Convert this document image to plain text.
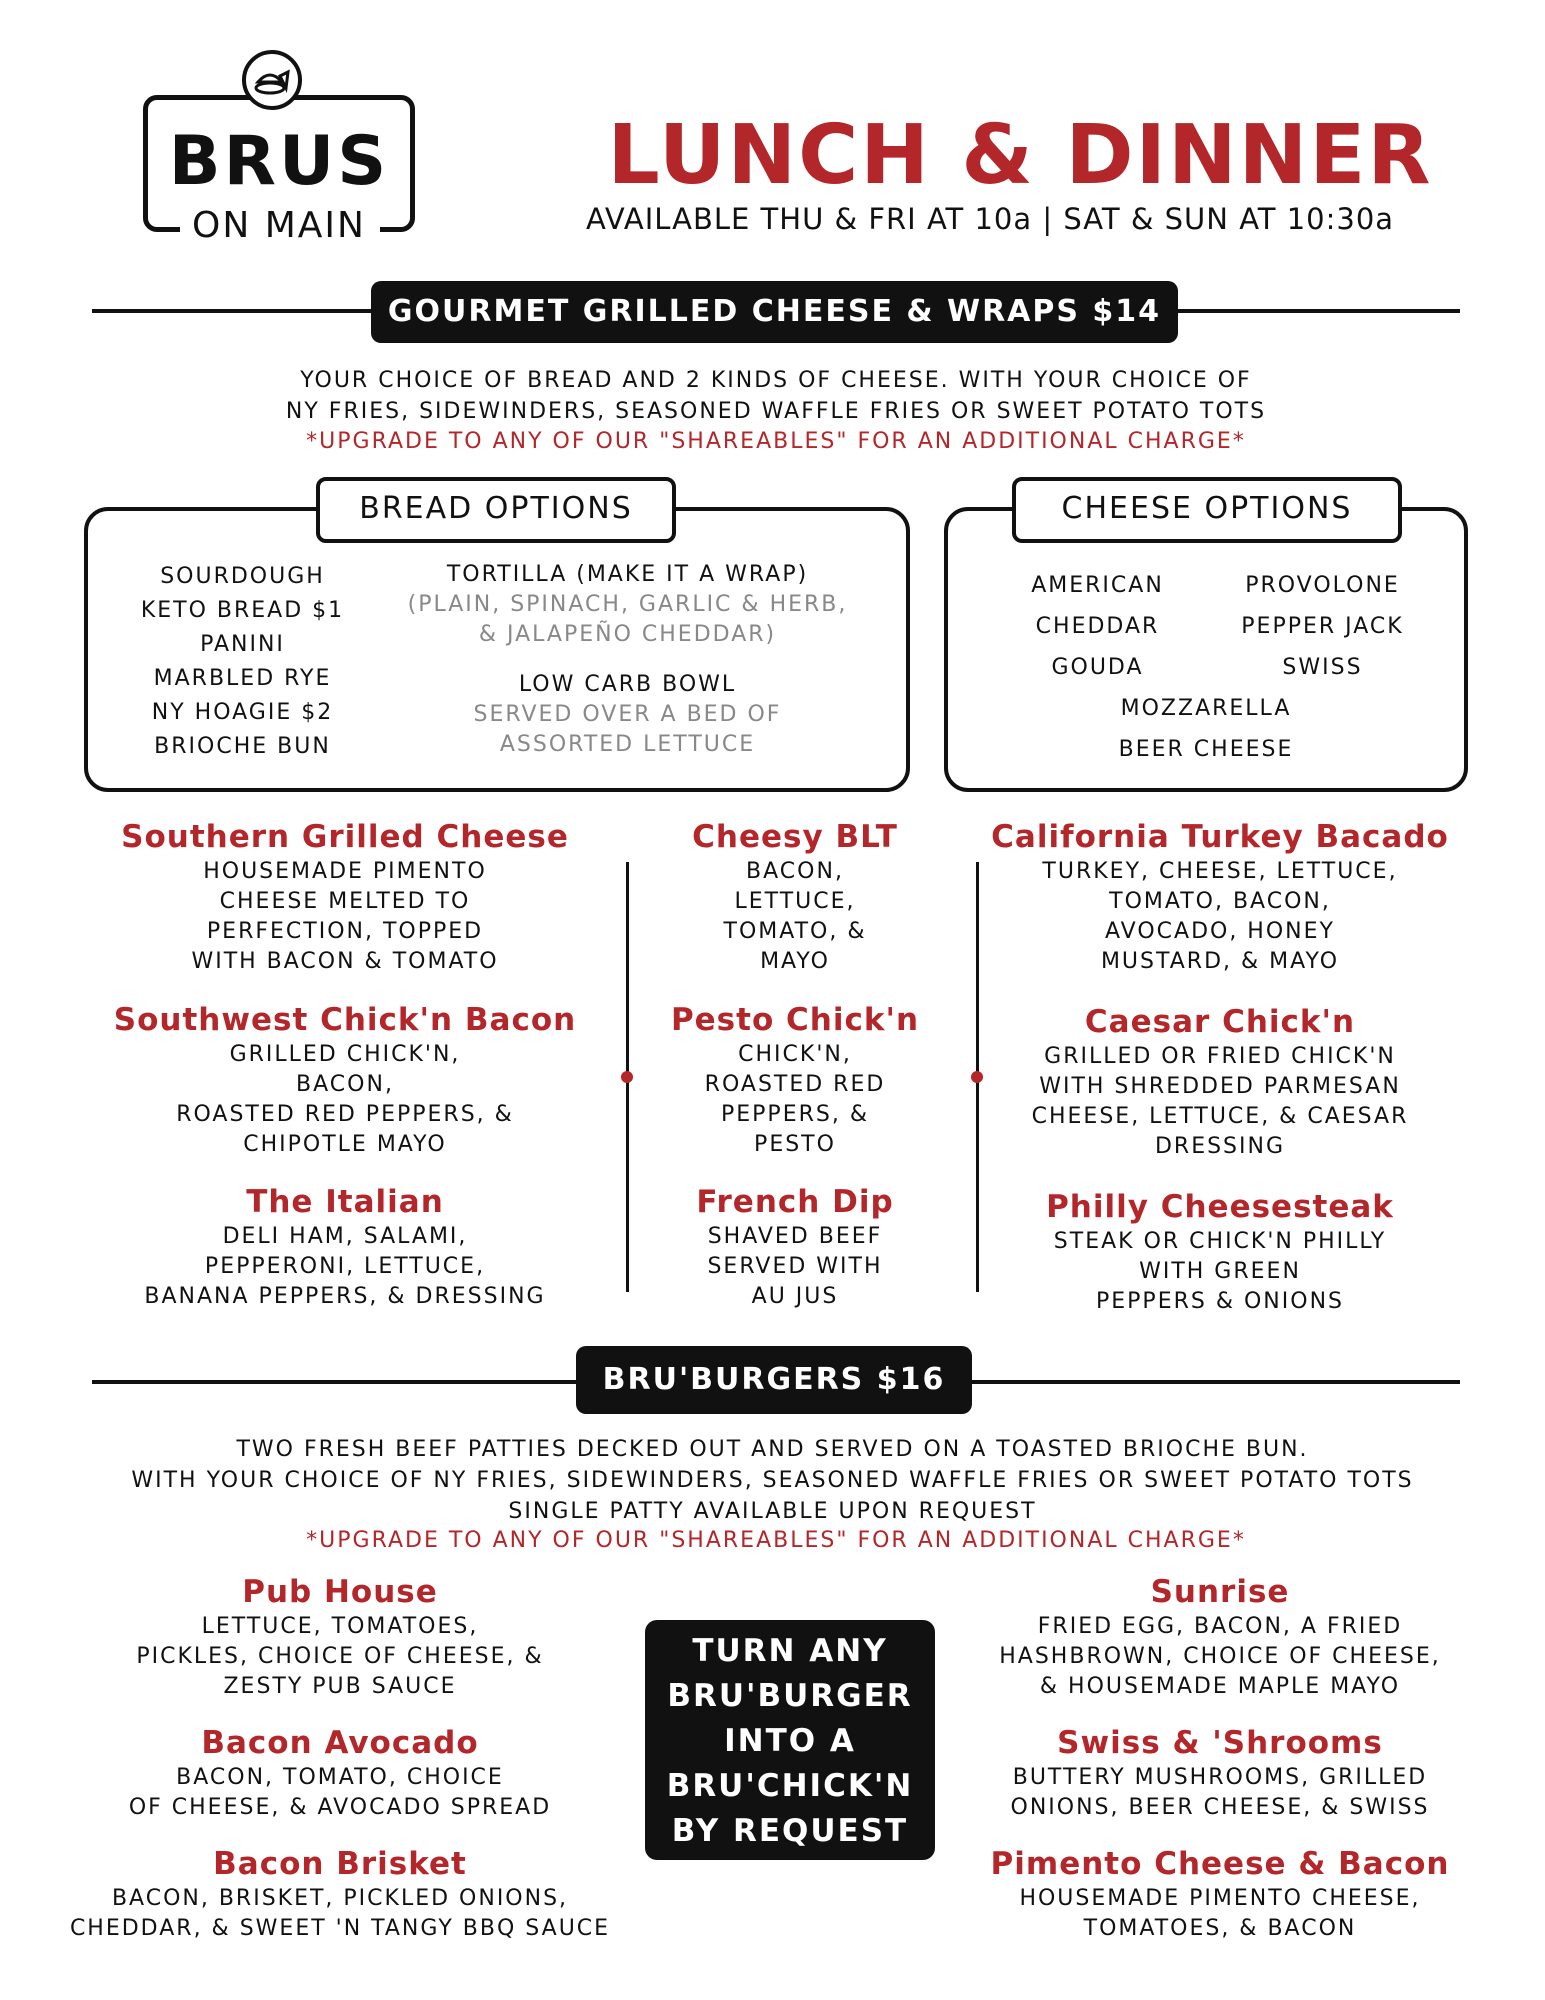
BRUS
ON MAIN
LUNCH & DINNER
AVAILABLE THU & FRI AT 10a | SAT & SUN AT 10:30a
GOURMET GRILLED CHEESE & WRAPS $14
YOUR CHOICE OF BREAD AND 2 KINDS OF CHEESE. WITH YOUR CHOICE OF
NY FRIES, SIDEWINDERS, SEASONED WAFFLE FRIES OR SWEET POTATO TOTS
*UPGRADE TO ANY OF OUR "SHAREABLES" FOR AN ADDITIONAL CHARGE*
BREAD OPTIONS
SOURDOUGH
KETO BREAD $1
PANINI
MARBLED RYE
NY HOAGIE $2
BRIOCHE BUN
TORTILLA (MAKE IT A WRAP)
(PLAIN, SPINACH, GARLIC & HERB,
& JALAPEÑO CHEDDAR)
LOW CARB BOWL
SERVED OVER A BED OF
ASSORTED LETTUCE
CHEESE OPTIONS
AMERICAN
CHEDDAR
GOUDA
PROVOLONE
PEPPER JACK
SWISS
MOZZARELLA
BEER CHEESE
Southern Grilled Cheese
HOUSEMADE PIMENTO
CHEESE MELTED TO
PERFECTION, TOPPED
WITH BACON & TOMATO
Southwest Chick'n Bacon
GRILLED CHICK'N,
BACON,
ROASTED RED PEPPERS, &
CHIPOTLE MAYO
The Italian
DELI HAM, SALAMI,
PEPPERONI, LETTUCE,
BANANA PEPPERS, & DRESSING
Cheesy BLT
BACON,
LETTUCE,
TOMATO, &
MAYO
Pesto Chick'n
CHICK'N,
ROASTED RED
PEPPERS, &
PESTO
French Dip
SHAVED BEEF
SERVED WITH
AU JUS
California Turkey Bacado
TURKEY, CHEESE, LETTUCE,
TOMATO, BACON,
AVOCADO, HONEY
MUSTARD, & MAYO
Caesar Chick'n
GRILLED OR FRIED CHICK'N
WITH SHREDDED PARMESAN
CHEESE, LETTUCE, & CAESAR
DRESSING
Philly Cheesesteak
STEAK OR CHICK'N PHILLY
WITH GREEN
PEPPERS & ONIONS
BRU'BURGERS $16
TWO FRESH BEEF PATTIES DECKED OUT AND SERVED ON A TOASTED BRIOCHE BUN.
WITH YOUR CHOICE OF NY FRIES, SIDEWINDERS, SEASONED WAFFLE FRIES OR SWEET POTATO TOTS
SINGLE PATTY AVAILABLE UPON REQUEST
*UPGRADE TO ANY OF OUR "SHAREABLES" FOR AN ADDITIONAL CHARGE*
Pub House
LETTUCE, TOMATOES,
PICKLES, CHOICE OF CHEESE, &
ZESTY PUB SAUCE
Bacon Avocado
BACON, TOMATO, CHOICE
OF CHEESE, & AVOCADO SPREAD
Bacon Brisket
BACON, BRISKET, PICKLED ONIONS,
CHEDDAR, & SWEET 'N TANGY BBQ SAUCE
TURN ANY
BRU'BURGER
INTO A
BRU'CHICK'N
BY REQUEST
Sunrise
FRIED EGG, BACON, A FRIED
HASHBROWN, CHOICE OF CHEESE,
& HOUSEMADE MAPLE MAYO
Swiss & 'Shrooms
BUTTERY MUSHROOMS, GRILLED
ONIONS, BEER CHEESE, & SWISS
Pimento Cheese & Bacon
HOUSEMADE PIMENTO CHEESE,
TOMATOES, & BACON
